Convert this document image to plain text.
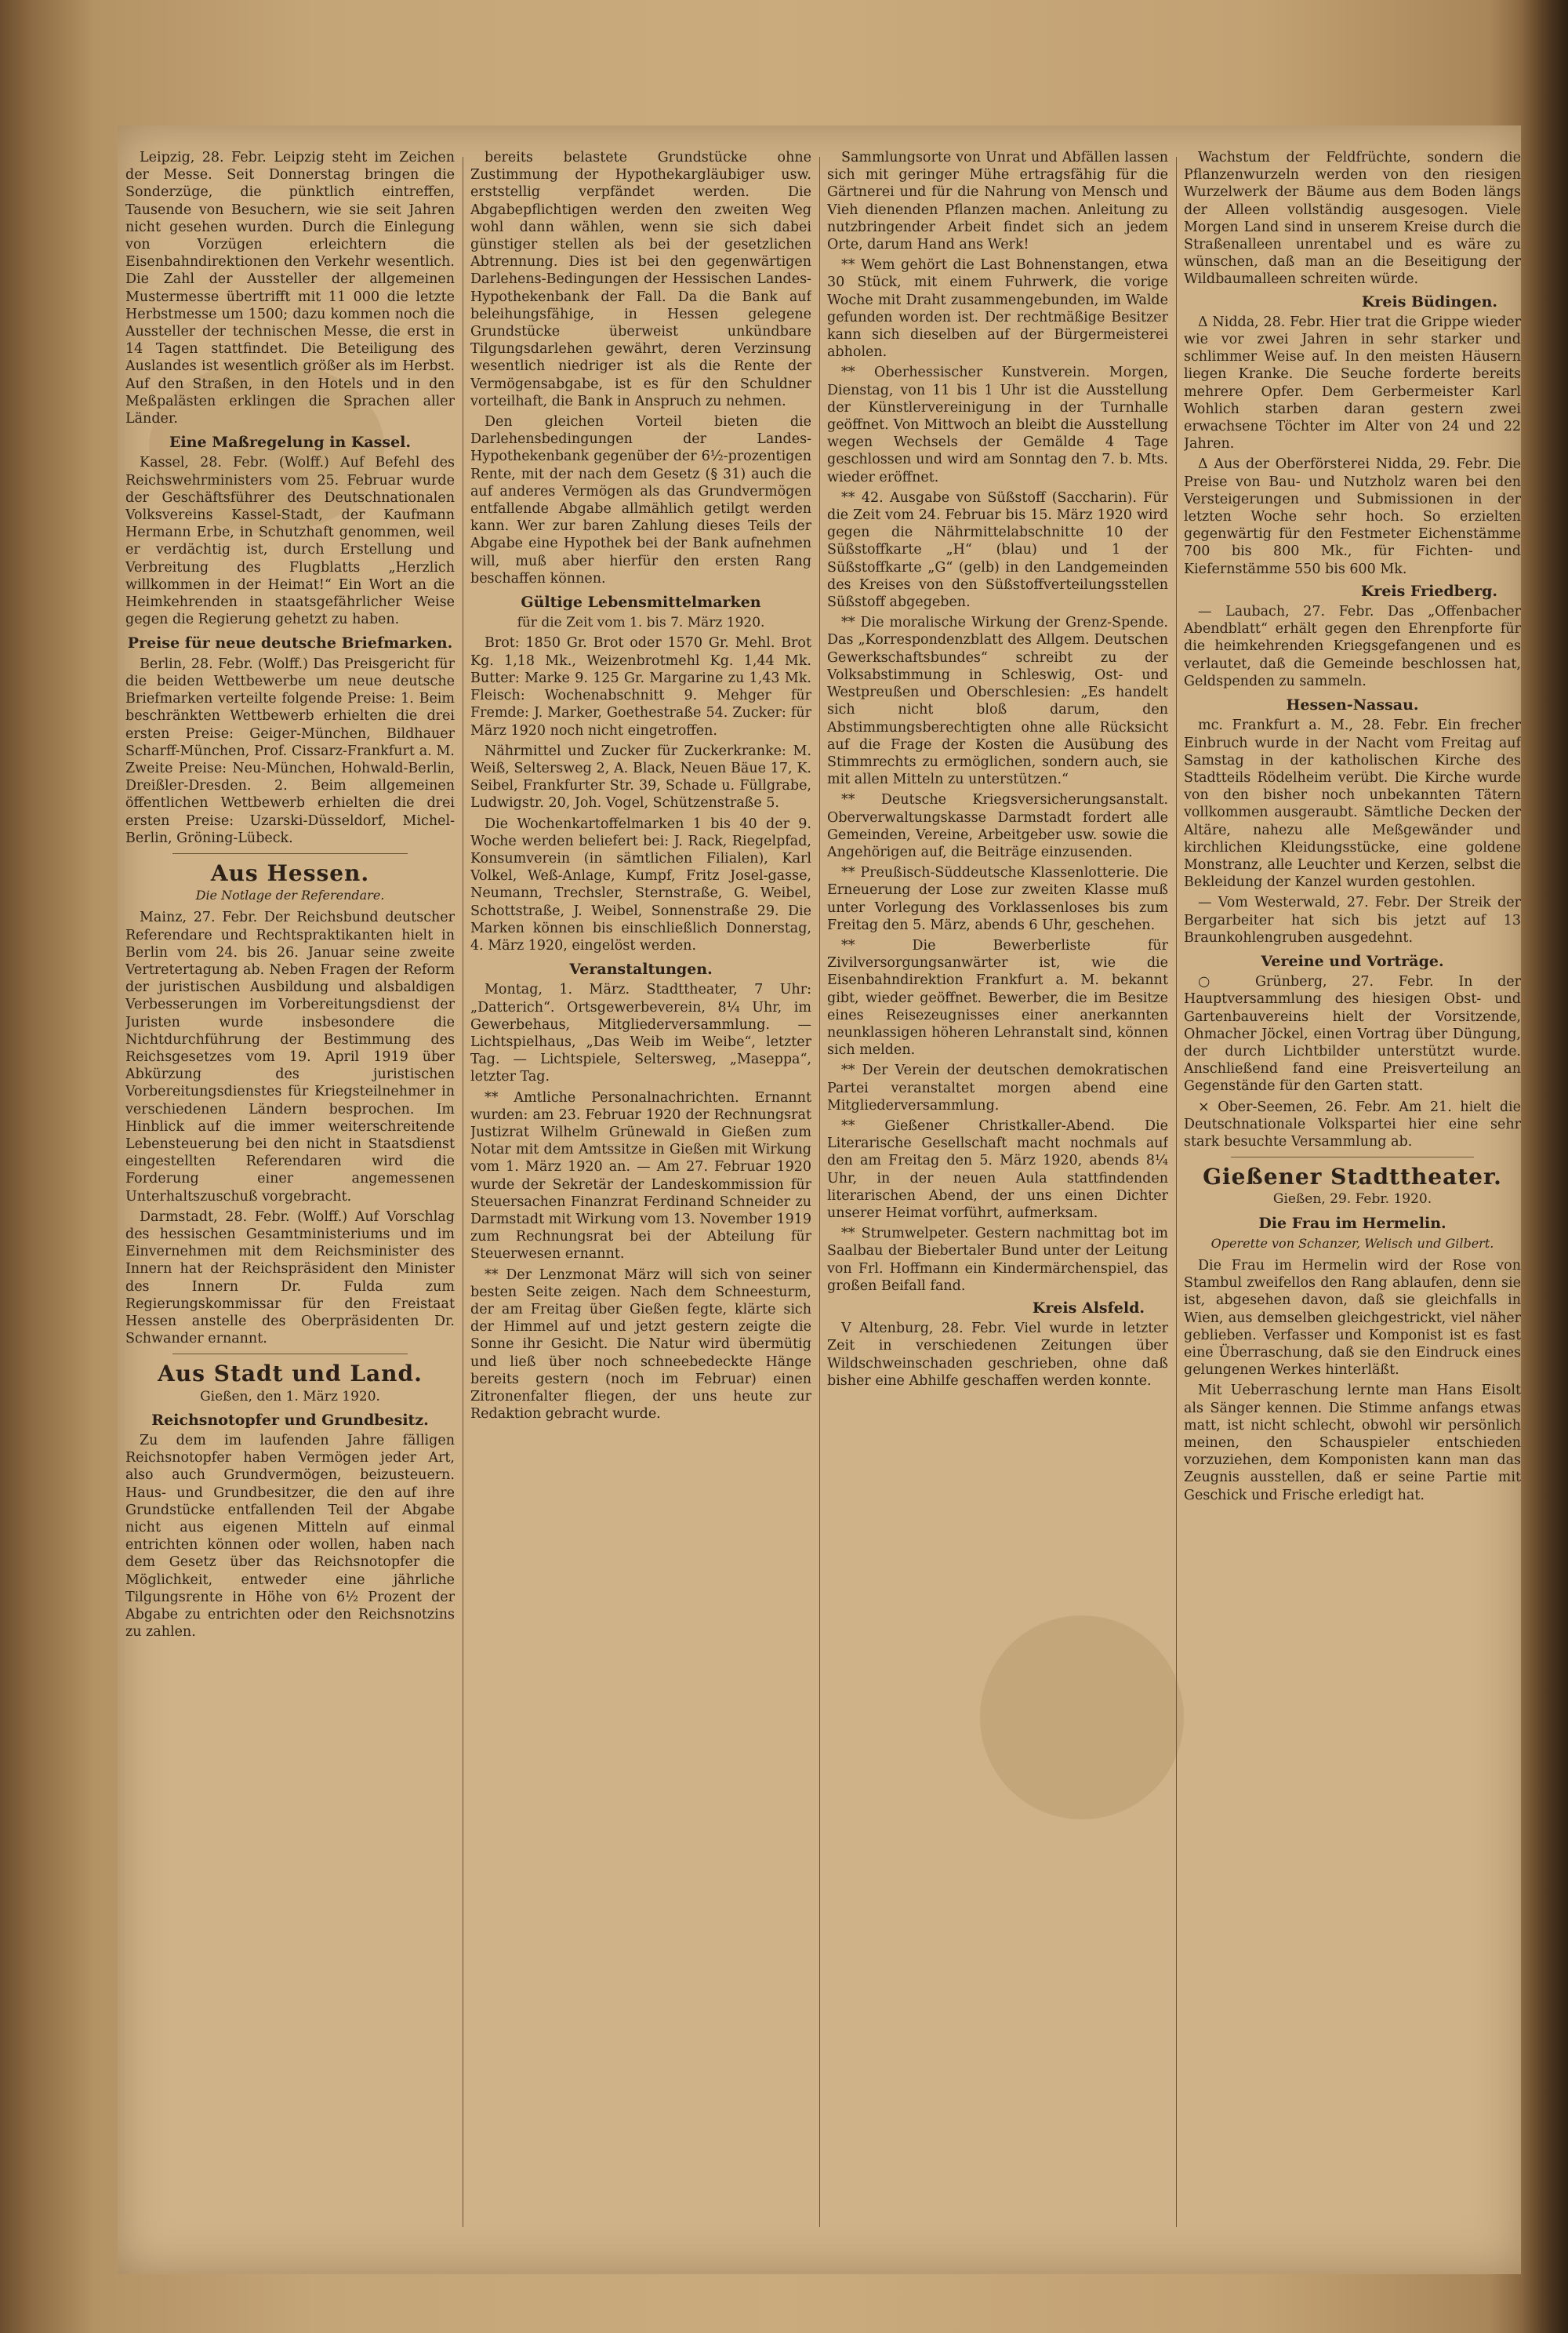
Leipzig, 28. Febr. Leipzig steht im Zeichen der Messe. Seit Donnerstag bringen die Sonderzüge, die pünktlich eintreffen, Tausende von Besuchern, wie sie seit Jahren nicht gesehen wurden. Durch die Einlegung von Vorzügen erleichtern die Eisenbahndirektionen den Verkehr wesentlich. Die Zahl der Aussteller der allgemeinen Mustermesse übertrifft mit 11 000 die letzte Herbstmesse um 1500; dazu kommen noch die Aussteller der technischen Messe, die erst in 14 Tagen stattfindet. Die Beteiligung des Auslandes ist wesentlich größer als im Herbst. Auf den Straßen, in den Hotels und in den Meßpalästen erklingen die Sprachen aller Länder.

Eine Maßregelung in Kassel.

Kassel, 28. Febr. (Wolff.) Auf Befehl des Reichswehrministers vom 25. Februar wurde der Geschäftsführer des Deutschnationalen Volksvereins Kassel-Stadt, der Kaufmann Hermann Erbe, in Schutzhaft genommen, weil er verdächtig ist, durch Erstellung und Verbreitung des Flugblatts „Herzlich willkommen in der Heimat!“ Ein Wort an die Heimkehrenden in staatsgefährlicher Weise gegen die Regierung gehetzt zu haben.

Preise für neue deutsche Briefmarken.

Berlin, 28. Febr. (Wolff.) Das Preisgericht für die beiden Wettbewerbe um neue deutsche Briefmarken verteilte folgende Preise: 1. Beim beschränkten Wettbewerb erhielten die drei ersten Preise: Geiger-München, Bildhauer Scharff-München, Prof. Cissarz-Frankfurt a. M. Zweite Preise: Neu-München, Hohwald-Berlin, Dreißler-Dresden. 2. Beim allgemeinen öffentlichen Wettbewerb erhielten die drei ersten Preise: Uzarski-Düsseldorf, Michel-Berlin, Gröning-Lübeck.

Aus Hessen.
Die Notlage der Referendare.

Mainz, 27. Febr. Der Reichsbund deutscher Referendare und Rechtspraktikanten hielt in Berlin vom 24. bis 26. Januar seine zweite Vertretertagung ab. Neben Fragen der Reform der juristischen Ausbildung und alsbaldigen Verbesserungen im Vorbereitungsdienst der Juristen wurde insbesondere die Nichtdurchführung der Bestimmung des Reichsgesetzes vom 19. April 1919 über Abkürzung des juristischen Vorbereitungsdienstes für Kriegsteilnehmer in verschiedenen Ländern besprochen. Im Hinblick auf die immer weiterschreitende Lebensteuerung bei den nicht in Staatsdienst eingestellten Referendaren wird die Forderung einer angemessenen Unterhaltszuschuß vorgebracht.

Darmstadt, 28. Febr. (Wolff.) Auf Vorschlag des hessischen Gesamtministeriums und im Einvernehmen mit dem Reichsminister des Innern hat der Reichspräsident den Minister des Innern Dr. Fulda zum Regierungskommissar für den Freistaat Hessen anstelle des Oberpräsidenten Dr. Schwander ernannt.

Aus Stadt und Land.
Gießen, den 1. März 1920.
Reichsnotopfer und Grundbesitz.

Zu dem im laufenden Jahre fälligen Reichsnotopfer haben Vermögen jeder Art, also auch Grundvermögen, beizusteuern. Haus- und Grundbesitzer, die den auf ihre Grundstücke entfallenden Teil der Abgabe nicht aus eigenen Mitteln auf einmal entrichten können oder wollen, haben nach dem Gesetz über das Reichsnotopfer die Möglichkeit, entweder eine jährliche Tilgungsrente in Höhe von 6½ Prozent der Abgabe zu entrichten oder den Reichsnotzins zu zahlen.

bereits belastete Grundstücke ohne Zustimmung der Hypothekargläubiger usw. erststellig verpfändet werden. Die Abgabepflichtigen werden den zweiten Weg wohl dann wählen, wenn sie sich dabei günstiger stellen als bei der gesetzlichen Abtrennung. Dies ist bei den gegenwärtigen Darlehens-Bedingungen der Hessischen Landes-Hypothekenbank der Fall. Da die Bank auf beleihungsfähige, in Hessen gelegene Grundstücke überweist unkündbare Tilgungsdarlehen gewährt, deren Verzinsung wesentlich niedriger ist als die Rente der Vermögensabgabe, ist es für den Schuldner vorteilhaft, die Bank in Anspruch zu nehmen.

Den gleichen Vorteil bieten die Darlehensbedingungen der Landes-Hypothekenbank gegenüber der 6½-prozentigen Rente, mit der nach dem Gesetz (§ 31) auch die auf anderes Vermögen als das Grundvermögen entfallende Abgabe allmählich getilgt werden kann. Wer zur baren Zahlung dieses Teils der Abgabe eine Hypothek bei der Bank aufnehmen will, muß aber hierfür den ersten Rang beschaffen können.

Gültige Lebensmittelmarken
für die Zeit vom 1. bis 7. März 1920.

Brot: 1850 Gr. Brot oder 1570 Gr. Mehl. Brot Kg. 1,18 Mk., Weizenbrotmehl Kg. 1,44 Mk. Butter: Marke 9. 125 Gr. Margarine zu 1,43 Mk. Fleisch: Wochenabschnitt 9. Mehger für Fremde: J. Marker, Goethestraße 54. Zucker: für März 1920 noch nicht eingetroffen.

Nährmittel und Zucker für Zuckerkranke: M. Weiß, Seltersweg 2, A. Black, Neuen Bäue 17, K. Seibel, Frankfurter Str. 39, Schade u. Füllgrabe, Ludwigstr. 20, Joh. Vogel, Schützenstraße 5.

Die Wochenkartoffelmarken 1 bis 40 der 9. Woche werden beliefert bei: J. Rack, Riegelpfad, Konsumverein (in sämtlichen Filialen), Karl Volkel, Weß-Anlage, Kumpf, Fritz Josel-gasse, Neumann, Trechsler, Sternstraße, G. Weibel, Schottstraße, J. Weibel, Sonnenstraße 29. Die Marken können bis einschließlich Donnerstag, 4. März 1920, eingelöst werden.

Veranstaltungen.

Montag, 1. März. Stadttheater, 7 Uhr: „Datterich“. Ortsgewerbeverein, 8¼ Uhr, im Gewerbehaus, Mitgliederversammlung. — Lichtspielhaus, „Das Weib im Weibe“, letzter Tag. — Lichtspiele, Seltersweg, „Maseppa“, letzter Tag.

** Amtliche Personalnachrichten. Ernannt wurden: am 23. Februar 1920 der Rechnungsrat Justizrat Wilhelm Grünewald in Gießen zum Notar mit dem Amtssitze in Gießen mit Wirkung vom 1. März 1920 an. — Am 27. Februar 1920 wurde der Sekretär der Landeskommission für Steuersachen Finanzrat Ferdinand Schneider zu Darmstadt mit Wirkung vom 13. November 1919 zum Rechnungsrat bei der Abteilung für Steuerwesen ernannt.

** Der Lenzmonat März will sich von seiner besten Seite zeigen. Nach dem Schneesturm, der am Freitag über Gießen fegte, klärte sich der Himmel auf und jetzt gestern zeigte die Sonne ihr Gesicht. Die Natur wird übermütig und ließ über noch schneebedeckte Hänge bereits gestern (noch im Februar) einen Zitronenfalter fliegen, der uns heute zur Redaktion gebracht wurde.

Sammlungsorte von Unrat und Abfällen lassen sich mit geringer Mühe ertragsfähig für die Gärtnerei und für die Nahrung von Mensch und Vieh dienenden Pflanzen machen. Anleitung zu nutzbringender Arbeit findet sich an jedem Orte, darum Hand ans Werk!

** Wem gehört die Last Bohnenstangen, etwa 30 Stück, mit einem Fuhrwerk, die vorige Woche mit Draht zusammengebunden, im Walde gefunden worden ist. Der rechtmäßige Besitzer kann sich dieselben auf der Bürgermeisterei abholen.

** Oberhessischer Kunstverein. Morgen, Dienstag, von 11 bis 1 Uhr ist die Ausstellung der Künstlervereinigung in der Turnhalle geöffnet. Von Mittwoch an bleibt die Ausstellung wegen Wechsels der Gemälde 4 Tage geschlossen und wird am Sonntag den 7. b. Mts. wieder eröffnet.

** 42. Ausgabe von Süßstoff (Saccharin). Für die Zeit vom 24. Februar bis 15. März 1920 wird gegen die Nährmittelabschnitte 10 der Süßstoffkarte „H“ (blau) und 1 der Süßstoffkarte „G“ (gelb) in den Landgemeinden des Kreises von den Süßstoffverteilungsstellen Süßstoff abgegeben.

** Die moralische Wirkung der Grenz-Spende. Das „Korrespondenzblatt des Allgem. Deutschen Gewerkschaftsbundes“ schreibt zu der Volksabstimmung in Schleswig, Ost- und Westpreußen und Oberschlesien: „Es handelt sich nicht bloß darum, den Abstimmungsberechtigten ohne alle Rücksicht auf die Frage der Kosten die Ausübung des Stimmrechts zu ermöglichen, sondern auch, sie mit allen Mitteln zu unterstützen.“

** Deutsche Kriegsversicherungsanstalt. Oberverwaltungskasse Darmstadt fordert alle Gemeinden, Vereine, Arbeitgeber usw. sowie die Angehörigen auf, die Beiträge einzusenden.

** Preußisch-Süddeutsche Klassenlotterie. Die Erneuerung der Lose zur zweiten Klasse muß unter Vorlegung des Vorklassenloses bis zum Freitag den 5. März, abends 6 Uhr, geschehen.

** Die Bewerberliste für Zivilversorgungsanwärter ist, wie die Eisenbahndirektion Frankfurt a. M. bekannt gibt, wieder geöffnet. Bewerber, die im Besitze eines Reisezeugnisses einer anerkannten neunklassigen höheren Lehranstalt sind, können sich melden.

** Der Verein der deutschen demokratischen Partei veranstaltet morgen abend eine Mitgliederversammlung.

** Gießener Christkaller-Abend. Die Literarische Gesellschaft macht nochmals auf den am Freitag den 5. März 1920, abends 8¼ Uhr, in der neuen Aula stattfindenden literarischen Abend, der uns einen Dichter unserer Heimat vorführt, aufmerksam.

** Strumwelpeter. Gestern nachmittag bot im Saalbau der Biebertaler Bund unter der Leitung von Frl. Hoffmann ein Kindermärchenspiel, das großen Beifall fand.

Kreis Alsfeld.

V Altenburg, 28. Febr. Viel wurde in letzter Zeit in verschiedenen Zeitungen über Wildschweinschaden geschrieben, ohne daß bisher eine Abhilfe geschaffen werden konnte.

Wachstum der Feldfrüchte, sondern die Pflanzenwurzeln werden von den riesigen Wurzelwerk der Bäume aus dem Boden längs der Alleen vollständig ausgesogen. Viele Morgen Land sind in unserem Kreise durch die Straßenalleen unrentabel und es wäre zu wünschen, daß man an die Beseitigung der Wildbaumalleen schreiten würde.

Kreis Büdingen.

Δ Nidda, 28. Febr. Hier trat die Grippe wieder wie vor zwei Jahren in sehr starker und schlimmer Weise auf. In den meisten Häusern liegen Kranke. Die Seuche forderte bereits mehrere Opfer. Dem Gerbermeister Karl Wohlich starben daran gestern zwei erwachsene Töchter im Alter von 24 und 22 Jahren.

Δ Aus der Oberförsterei Nidda, 29. Febr. Die Preise von Bau- und Nutzholz waren bei den Versteigerungen und Submissionen in der letzten Woche sehr hoch. So erzielten gegenwärtig für den Festmeter Eichenstämme 700 bis 800 Mk., für Fichten- und Kiefernstämme 550 bis 600 Mk.

Kreis Friedberg.

— Laubach, 27. Febr. Das „Offenbacher Abendblatt“ erhält gegen den Ehrenpforte für die heimkehrenden Kriegsgefangenen und es verlautet, daß die Gemeinde beschlossen hat, Geldspenden zu sammeln.

Hessen-Nassau.

mc. Frankfurt a. M., 28. Febr. Ein frecher Einbruch wurde in der Nacht vom Freitag auf Samstag in der katholischen Kirche des Stadtteils Rödelheim verübt. Die Kirche wurde von den bisher noch unbekannten Tätern vollkommen ausgeraubt. Sämtliche Decken der Altäre, nahezu alle Meßgewänder und kirchlichen Kleidungsstücke, eine goldene Monstranz, alle Leuchter und Kerzen, selbst die Bekleidung der Kanzel wurden gestohlen.

— Vom Westerwald, 27. Febr. Der Streik der Bergarbeiter hat sich bis jetzt auf 13 Braunkohlengruben ausgedehnt.

Vereine und Vorträge.

○ Grünberg, 27. Febr. In der Hauptversammlung des hiesigen Obst- und Gartenbauvereins hielt der Vorsitzende, Ohmacher Jöckel, einen Vortrag über Düngung, der durch Lichtbilder unterstützt wurde. Anschließend fand eine Preisverteilung an Gegenstände für den Garten statt.

× Ober-Seemen, 26. Febr. Am 21. hielt die Deutschnationale Volkspartei hier eine sehr stark besuchte Versammlung ab.

Gießener Stadttheater.
Gießen, 29. Febr. 1920.
Die Frau im Hermelin.
Operette von Schanzer, Welisch und Gilbert.

Die Frau im Hermelin wird der Rose von Stambul zweifellos den Rang ablaufen, denn sie ist, abgesehen davon, daß sie gleichfalls in Wien, aus demselben gleichgestrickt, viel näher geblieben. Verfasser und Komponist ist es fast eine Überraschung, daß sie den Eindruck eines gelungenen Werkes hinterläßt.

Mit Ueberraschung lernte man Hans Eisolt als Sänger kennen. Die Stimme anfangs etwas matt, ist nicht schlecht, obwohl wir persönlich meinen, den Schauspieler entschieden vorzuziehen, dem Komponisten kann man das Zeugnis ausstellen, daß er seine Partie mit Geschick und Frische erledigt hat.
